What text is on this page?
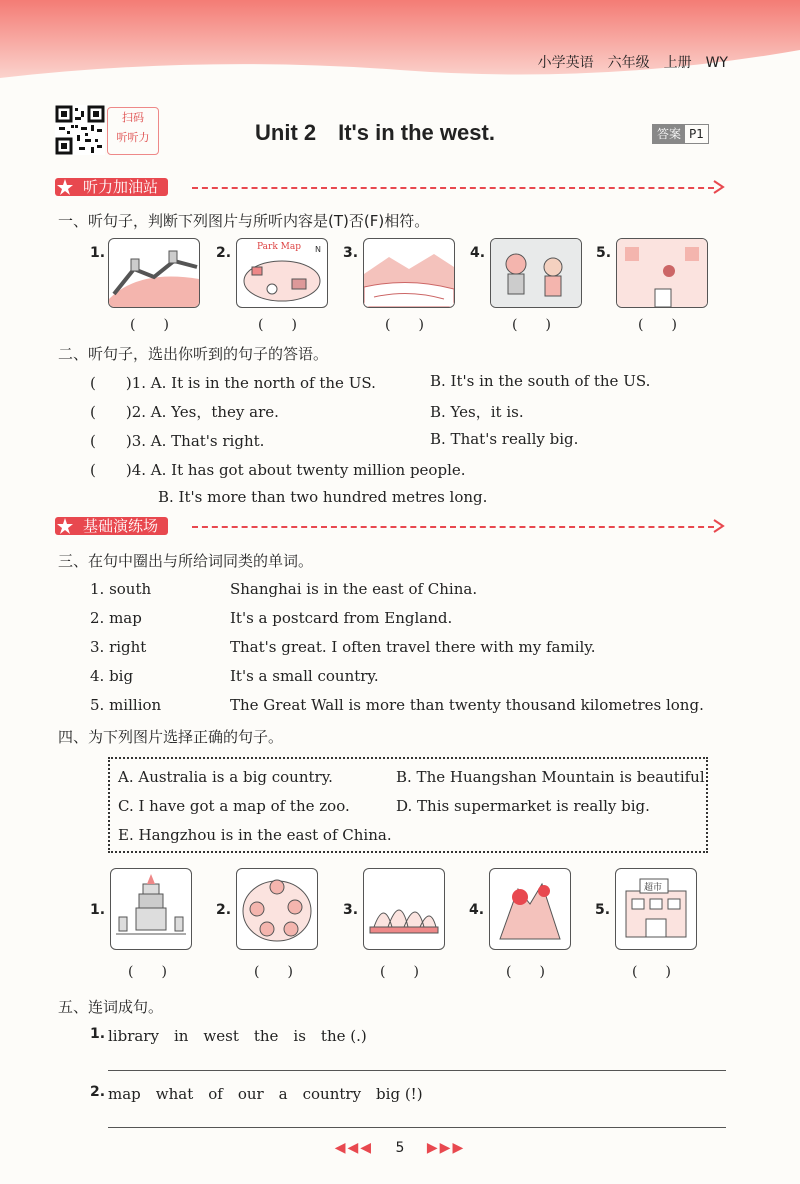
小学英语　六年级　上册　WY
扫码
听听力	Unit 2　It's in the west.	答案 P1
听力加油站
一、听句子，判断下列图片与所听内容是(T)否(F)相符。
1.
(　　)
2.	Park Map N
(　　)
3.
(　　)
4.
(　　)
5.
(　　)
二、听句子，选出你听到的句子的答语。
(　　)1. A. It is in the north of the US.	B. It's in the south of the US.
(　　)2. A. Yes，they are.	B. Yes，it is.
(　　)3. A. That's right.	B. That's really big.
(　　)4. A. It has got about twenty million people.
B. It's more than two hundred metres long.
基础演练场
三、在句中圈出与所给词同类的单词。
1. south	Shanghai is in the east of China.
2. map	It's a postcard from England.
3. right	That's great. I often travel there with my family.
4. big	It's a small country.
5. million	The Great Wall is more than twenty thousand kilometres long.
四、为下列图片选择正确的句子。
A. Australia is a big country.	B. The Huangshan Mountain is beautiful.
C. I have got a map of the zoo.	D. This supermarket is really big.
E. Hangzhou is in the east of China.
1.
(　　)
2.
(　　)
3.
(　　)
4.
(　　)
5.
超市
(　　)
五、连词成句。
1. library　in　west　the　is　the (.)
2. map　what　of　our　a　country　big (!)
◀◀◀ 5 ▶▶▶
